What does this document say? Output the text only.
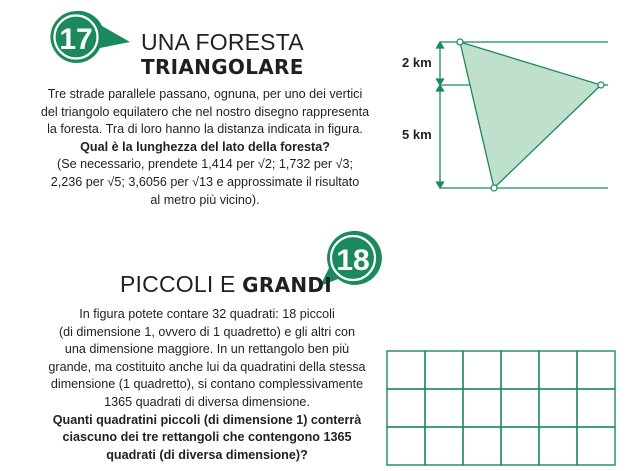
17 UNA FORESTA
TRIANGOLARE

Tre strade parallele passano, ognuna, per uno dei vertici

del triangolo equilatero che nel nostro disegno rappresenta

la foresta. Tra di loro hanno la distanza indicata in figura.

Qual è la lunghezza del lato della foresta?

(Se necessario, prendete 1,414 per √2; 1,732 per √3;

2,236 per √5; 3,6056 per √13 e approssimate il risultato

al metro più vicino).

2 km
5 km
18
PICCOLI E GRANDI

In figura potete contare 32 quadrati: 18 piccoli

(di dimensione 1, ovvero di 1 quadretto) e gli altri con

una dimensione maggiore. In un rettangolo ben più

grande, ma costituito anche lui da quadratini della stessa

dimensione (1 quadretto), si contano complessivamente

1365 quadrati di diversa dimensione.

Quanti quadratini piccoli (di dimensione 1) conterrà

ciascuno dei tre rettangoli che contengono 1365

quadrati (di diversa dimensione)?
